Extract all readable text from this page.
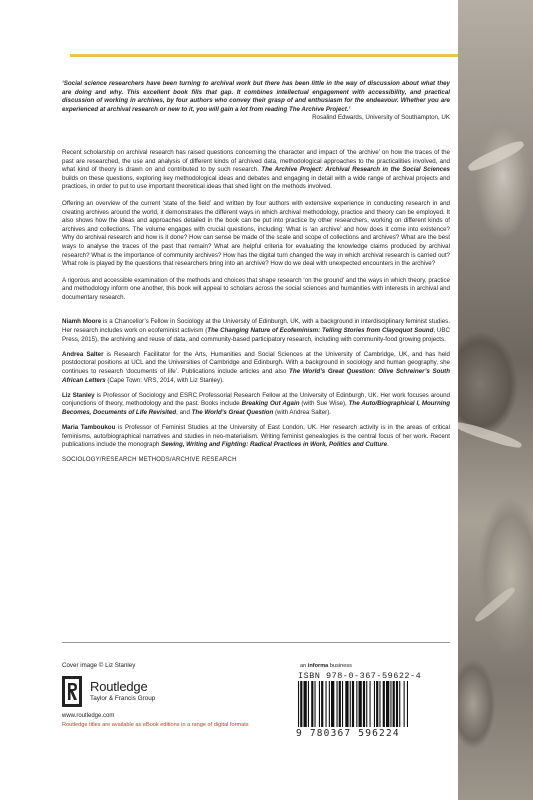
‘Social science researchers have been turning to archival work but there has been little in the way of discussion about what they are doing and why. This excellent book fills that gap. It combines intellectual engagement with accessibility, and practical discussion of working in archives, by four authors who convey their grasp of and enthusiasm for the endeavour. Whether you are experienced at archival research or new to it, you will gain a lot from reading The Archive Project.’

Rosalind Edwards, University of Southampton, UK

Recent scholarship on archival research has raised questions concerning the character and impact of ‘the archive’ on how the traces of the past are researched, the use and analysis of different kinds of archived data, methodological approaches to the practicalities involved, and what kind of theory is drawn on and contributed to by such research. The Archive Project: Archival Research in the Social Sciences builds on these questions, exploring key methodological ideas and debates and engaging in detail with a wide range of archival projects and practices, in order to put to use important theoretical ideas that shed light on the methods involved.

Offering an overview of the current ‘state of the field’ and written by four authors with extensive experience in conducting research in and creating archives around the world, it demonstrates the different ways in which archival methodology, practice and theory can be employed. It also shows how the ideas and approaches detailed in the book can be put into practice by other researchers, working on different kinds of archives and collections. The volume engages with crucial questions, including: What is ‘an archive’ and how does it come into existence? Why do archival research and how is it done? How can sense be made of the scale and scope of collections and archives? What are the best ways to analyse the traces of the past that remain? What are helpful criteria for evaluating the knowledge claims produced by archival research? What is the importance of community archives? How has the digital turn changed the way in which archival research is carried out? What role is played by the questions that researchers bring into an archive? How do we deal with unexpected encounters in the archive?

A rigorous and accessible examination of the methods and choices that shape research ‘on the ground’ and the ways in which theory, practice and methodology inform one another, this book will appeal to scholars across the social sciences and humanities with interests in archival and documentary research.

Niamh Moore is a Chancellor’s Fellow in Sociology at the University of Edinburgh, UK, with a background in interdisciplinary feminist studies. Her research includes work on ecofeminist activism (The Changing Nature of Ecofeminism: Telling Stories from Clayoquot Sound, UBC Press, 2015), the archiving and reuse of data, and community-based participatory research, including with community-food growing projects.

Andrea Salter is Research Facilitator for the Arts, Humanities and Social Sciences at the University of Cambridge, UK, and has held postdoctoral positions at UCL and the Universities of Cambridge and Edinburgh. With a background in sociology and human geography, she continues to research ‘documents of life’. Publications include articles and also The World’s Great Question: Olive Schreiner’s South African Letters (Cape Town: VRS, 2014, with Liz Stanley).

Liz Stanley is Professor of Sociology and ESRC Professorial Research Fellow at the University of Edinburgh, UK. Her work focuses around conjunctions of theory, methodology and the past. Books include Breaking Out Again (with Sue Wise), The Auto/Biographical I, Mourning Becomes, Documents of Life Revisited, and The World’s Great Question (with Andrea Salter).

Maria Tamboukou is Professor of Feminist Studies at the University of East London, UK. Her research activity is in the areas of critical feminisms, auto/biographical narratives and studies in neo-materialism. Writing feminist genealogies is the central focus of her work. Recent publications include the monograph Sewing, Writing and Fighting: Radical Practices in Work, Politics and Culture.

SOCIOLOGY/RESEARCH METHODS/ARCHIVE RESEARCH

Cover image © Liz Stanley	an informa business
Routledge
Taylor & Francis Group
www.routledge.com
Routledge titles are available as eBook editions in a range of digital formats
ISBN 978-0-367-59622-4
9 780367 596224
